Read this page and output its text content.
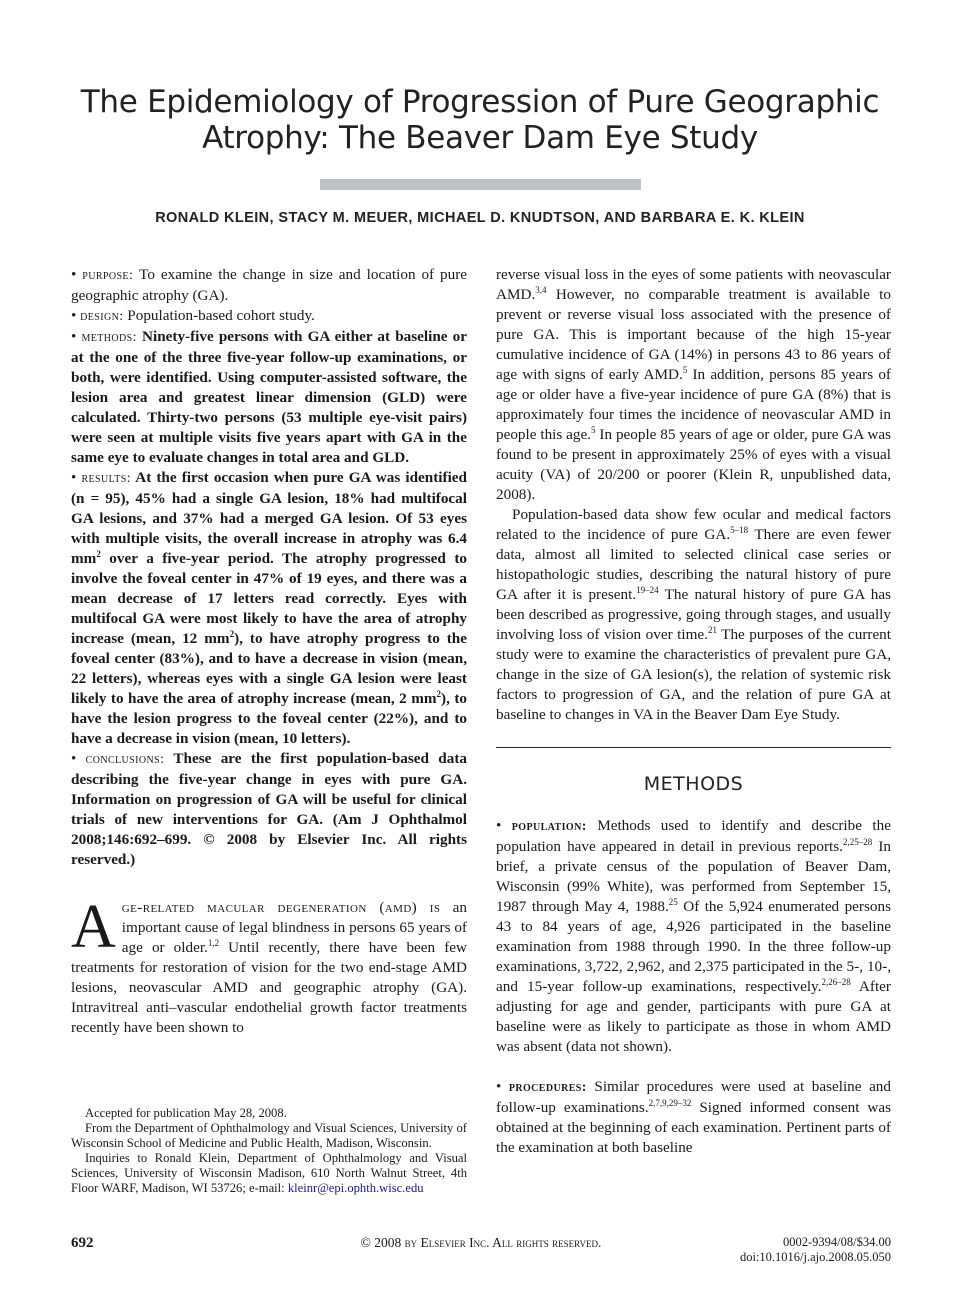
The Epidemiology of Progression of Pure Geographic Atrophy: The Beaver Dam Eye Study
RONALD KLEIN, STACY M. MEUER, MICHAEL D. KNUDTSON, AND BARBARA E. K. KLEIN

• purpose: To examine the change in size and location of pure geographic atrophy (GA).

• design: Population-based cohort study.

• methods: Ninety-five persons with GA either at baseline or at the one of the three five-year follow-up examinations, or both, were identified. Using computer-assisted software, the lesion area and greatest linear dimension (GLD) were calculated. Thirty-two persons (53 multiple eye-visit pairs) were seen at multiple visits five years apart with GA in the same eye to evaluate changes in total area and GLD.

• results: At the first occasion when pure GA was identified (n = 95), 45% had a single GA lesion, 18% had multifocal GA lesions, and 37% had a merged GA lesion. Of 53 eyes with multiple visits, the overall increase in atrophy was 6.4 $mm^2$ over a five-year period. The atrophy progressed to involve the foveal center in 47% of 19 eyes, and there was a mean decrease of 17 letters read correctly. Eyes with multifocal GA were most likely to have the area of atrophy increase (mean, 12 $mm^2$), to have atrophy progress to the foveal center (83%), and to have a decrease in vision (mean, 22 letters), whereas eyes with a single GA lesion were least likely to have the area of atrophy increase (mean, 2 $mm^2$), to have the lesion progress to the foveal center (22%), and to have a decrease in vision (mean, 10 letters).

• conclusions: These are the first population-based data describing the five-year change in eyes with pure GA. Information on progression of GA will be useful for clinical trials of new interventions for GA. (Am J Ophthalmol 2008;146:692–699. © 2008 by Elsevier Inc. All rights reserved.)

Age-related macular degeneration (amd) is an important cause of legal blindness in persons 65 years of age or older.$^{1,2}$ Until recently, there have been few treatments for restoration of vision for the two end-stage AMD lesions, neovascular AMD and geographic atrophy (GA). Intravitreal anti–vascular endothelial growth factor treatments recently have been shown to

Accepted for publication May 28, 2008.

From the Department of Ophthalmology and Visual Sciences, University of Wisconsin School of Medicine and Public Health, Madison, Wisconsin.

Inquiries to Ronald Klein, Department of Ophthalmology and Visual Sciences, University of Wisconsin Madison, 610 North Walnut Street, 4th Floor WARF, Madison, WI 53726; e-mail: kleinr@epi.ophth.wisc.edu

reverse visual loss in the eyes of some patients with neovascular AMD.$^{3,4}$ However, no comparable treatment is available to prevent or reverse visual loss associated with the presence of pure GA. This is important because of the high 15-year cumulative incidence of GA (14%) in persons 43 to 86 years of age with signs of early AMD.$^5$ In addition, persons 85 years of age or older have a five-year incidence of pure GA (8%) that is approximately four times the incidence of neovascular AMD in people this age.$^5$ In people 85 years of age or older, pure GA was found to be present in approximately 25% of eyes with a visual acuity (VA) of 20/200 or poorer (Klein R, unpublished data, 2008).

Population-based data show few ocular and medical factors related to the incidence of pure GA.$^{5-18}$ There are even fewer data, almost all limited to selected clinical case series or histopathologic studies, describing the natural history of pure GA after it is present.$^{19-24}$ The natural history of pure GA has been described as progressive, going through stages, and usually involving loss of vision over time.$^{21}$ The purposes of the current study were to examine the characteristics of prevalent pure GA, change in the size of GA lesion(s), the relation of systemic risk factors to progression of GA, and the relation of pure GA at baseline to changes in VA in the Beaver Dam Eye Study.

METHODS

• population: Methods used to identify and describe the population have appeared in detail in previous reports.$^{2,25-28}$ In brief, a private census of the population of Beaver Dam, Wisconsin (99% White), was performed from September 15, 1987 through May 4, 1988.25 Of the 5,924 enumerated persons 43 to 84 years of age, 4,926 participated in the baseline examination from 1988 through 1990. In the three follow-up examinations, 3,722, 2,962, and 2,375 participated in the 5-, 10-, and 15-year follow-up examinations, respectively.$^{2,26-28}$ After adjusting for age and gender, participants with pure GA at baseline were as likely to participate as those in whom AMD was absent (data not shown).

• procedures: Similar procedures were used at baseline and follow-up examinations.$^{2,7,9,29-32}$ Signed informed consent was obtained at the beginning of each examination. Pertinent parts of the examination at both baseline

692	© 2008 by Elsevier Inc. All rights reserved.	0002-9394/08/$34.00
doi:10.1016/j.ajo.2008.05.050
